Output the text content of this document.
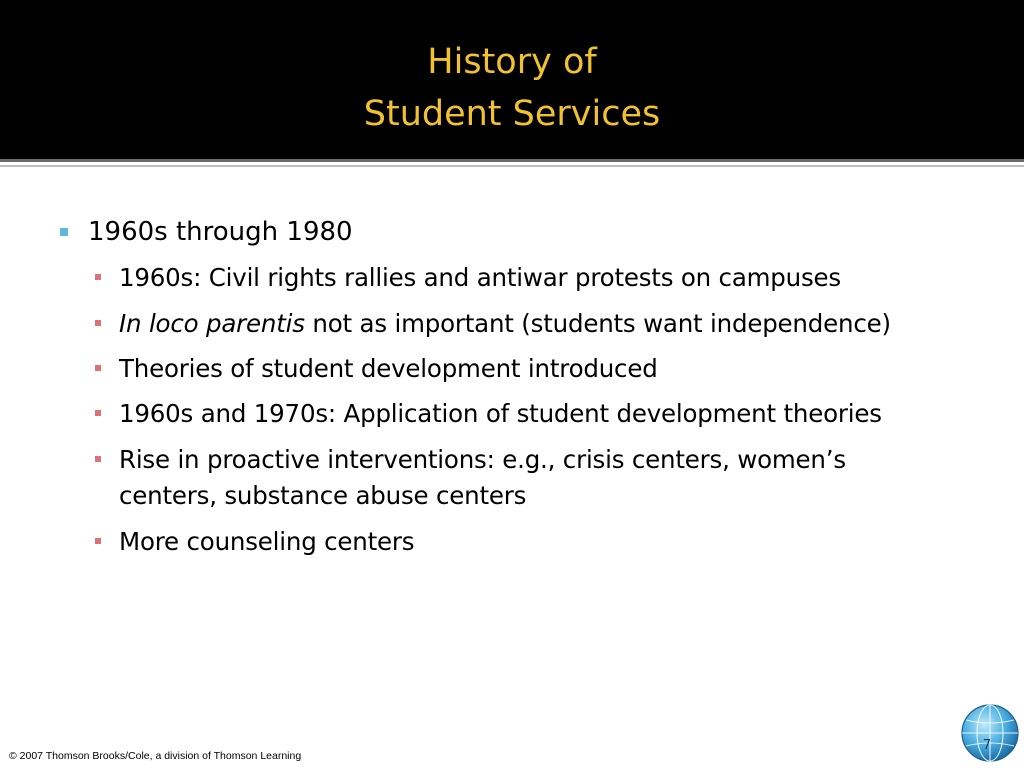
History of
Student Services
1960s through 1980
1960s: Civil rights rallies and antiwar protests on campuses
In loco parentis not as important (students want independence)
Theories of student development introduced
1960s and 1970s: Application of student development theories
Rise in proactive interventions: e.g., crisis centers, women’s
centers, substance abuse centers
More counseling centers
© 2007 Thomson Brooks/Cole, a division of Thomson Learning
7
